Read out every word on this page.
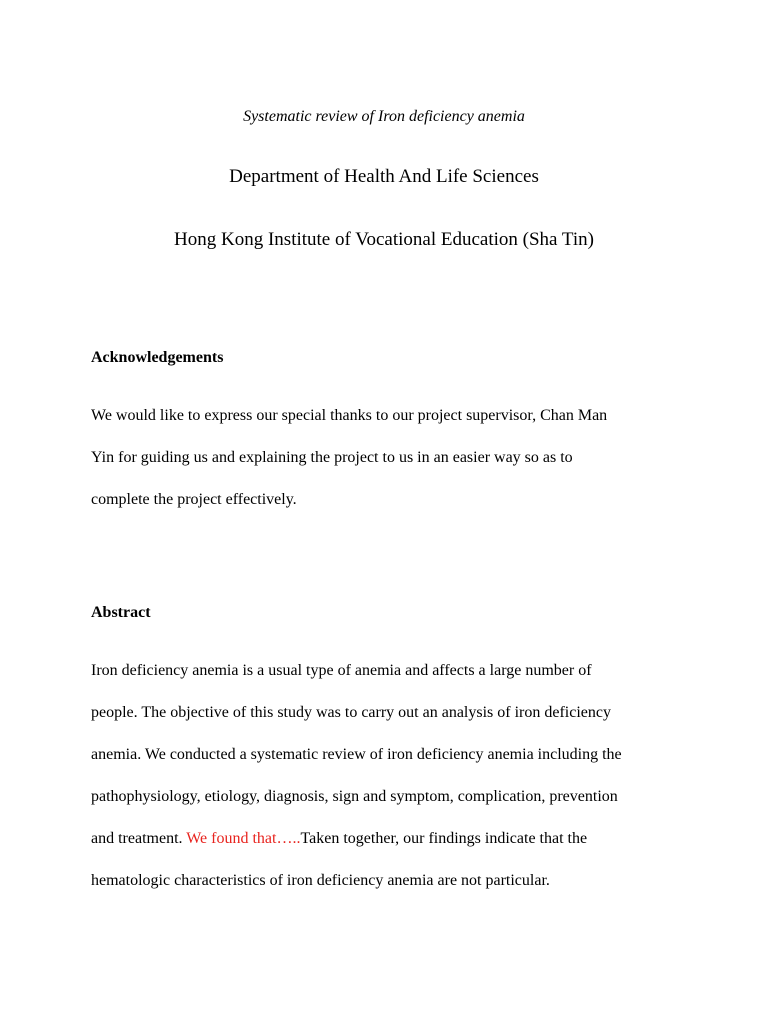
Systematic review of Iron deficiency anemia
Department of Health And Life Sciences
Hong Kong Institute of Vocational Education (Sha Tin)
Acknowledgements
We would like to express our special thanks to our project supervisor, Chan Man
Yin for guiding us and explaining the project to us in an easier way so as to
complete the project effectively.
Abstract
Iron deficiency anemia is a usual type of anemia and affects a large number of
people. The objective of this study was to carry out an analysis of iron deficiency
anemia. We conducted a systematic review of iron deficiency anemia including the
pathophysiology, etiology, diagnosis, sign and symptom, complication, prevention
and treatment. We found that…..Taken together, our findings indicate that the
hematologic characteristics of iron deficiency anemia are not particular.
